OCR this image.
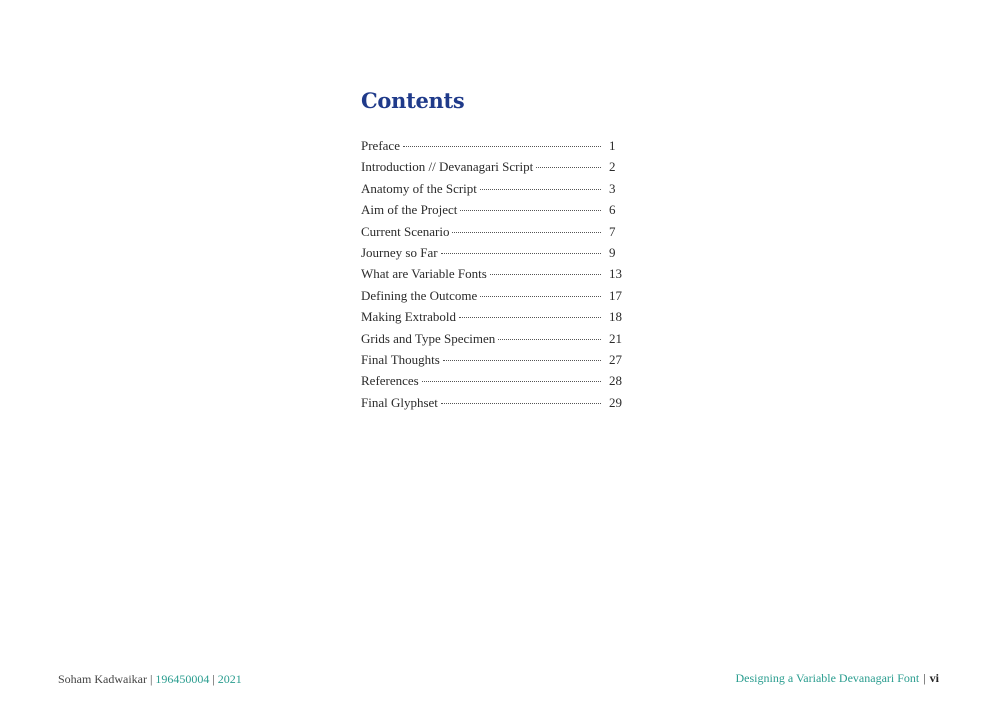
Contents
Preface	1
Introduction // Devanagari Script	2
Anatomy of the Script	3
Aim of the Project	6
Current Scenario	7
Journey so Far	9
What are Variable Fonts	13
Defining the Outcome	17
Making Extrabold	18
Grids and Type Specimen	21
Final Thoughts	27
References	28
Final Glyphset	29
Soham Kadwaikar | 196450004 | 2021	Designing a Variable Devanagari Font | vi
